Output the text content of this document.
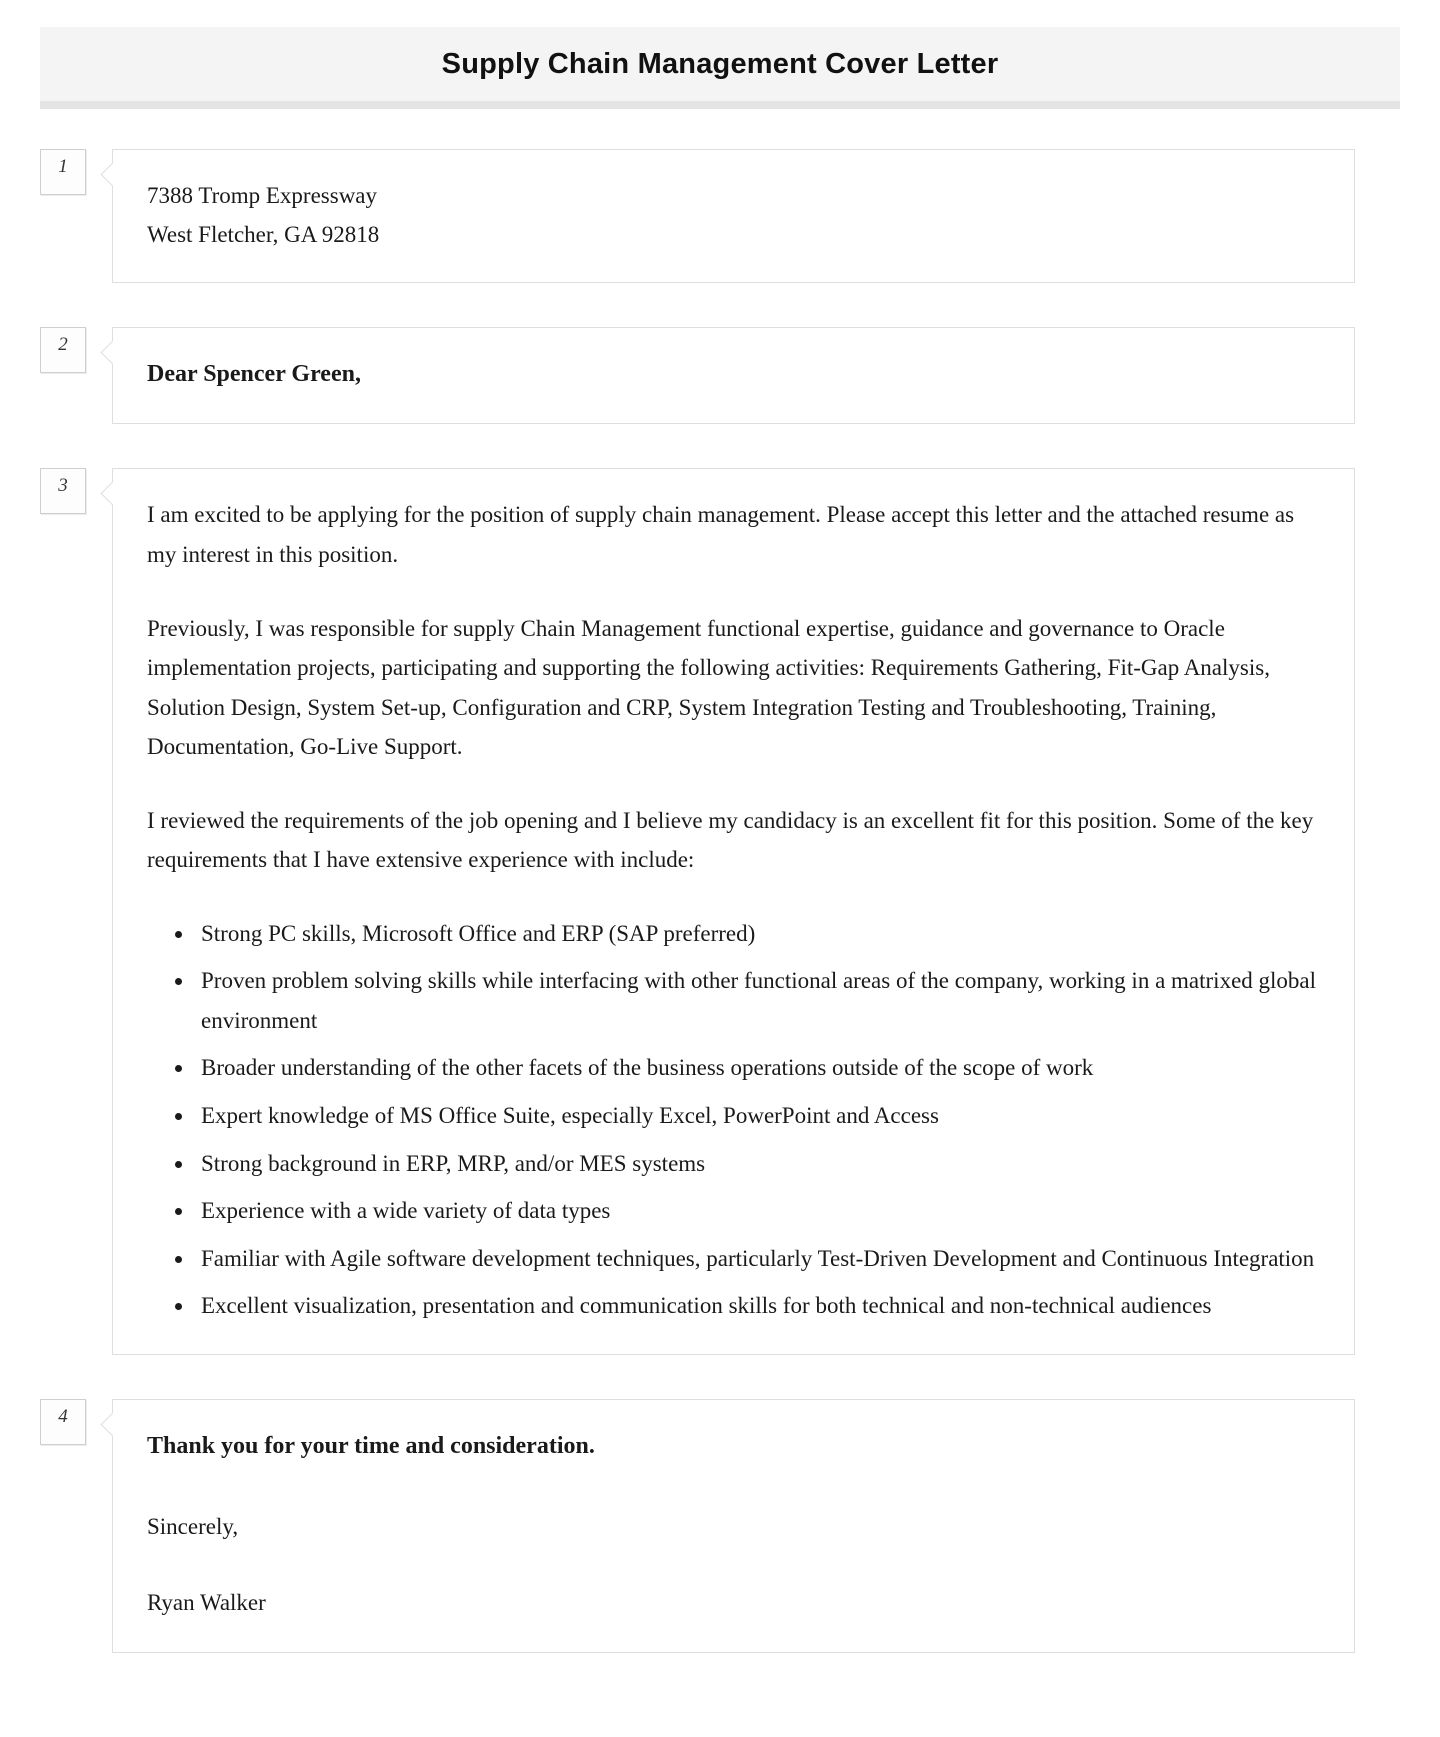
Supply Chain Management Cover Letter
1
7388 Tromp Expressway
West Fletcher, GA 92818
2
Dear Spencer Green,
3

I am excited to be applying for the position of supply chain management. Please accept this letter and the attached resume as my interest in this position.

Previously, I was responsible for supply Chain Management functional expertise, guidance and governance to Oracle implementation projects, participating and supporting the following activities: Requirements Gathering, Fit-Gap Analysis, Solution Design, System Set-up, Configuration and CRP, System Integration Testing and Troubleshooting, Training, Documentation, Go-Live Support.

I reviewed the requirements of the job opening and I believe my candidacy is an excellent fit for this position. Some of the key requirements that I have extensive experience with include:

• Strong PC skills, Microsoft Office and ERP (SAP preferred)
• Proven problem solving skills while interfacing with other functional areas of the company, working in a matrixed global environment
• Broader understanding of the other facets of the business operations outside of the scope of work
• Expert knowledge of MS Office Suite, especially Excel, PowerPoint and Access
• Strong background in ERP, MRP, and/or MES systems
• Experience with a wide variety of data types
• Familiar with Agile software development techniques, particularly Test-Driven Development and Continuous Integration
• Excellent visualization, presentation and communication skills for both technical and non-technical audiences
4
Thank you for your time and consideration.
Sincerely,
Ryan Walker
